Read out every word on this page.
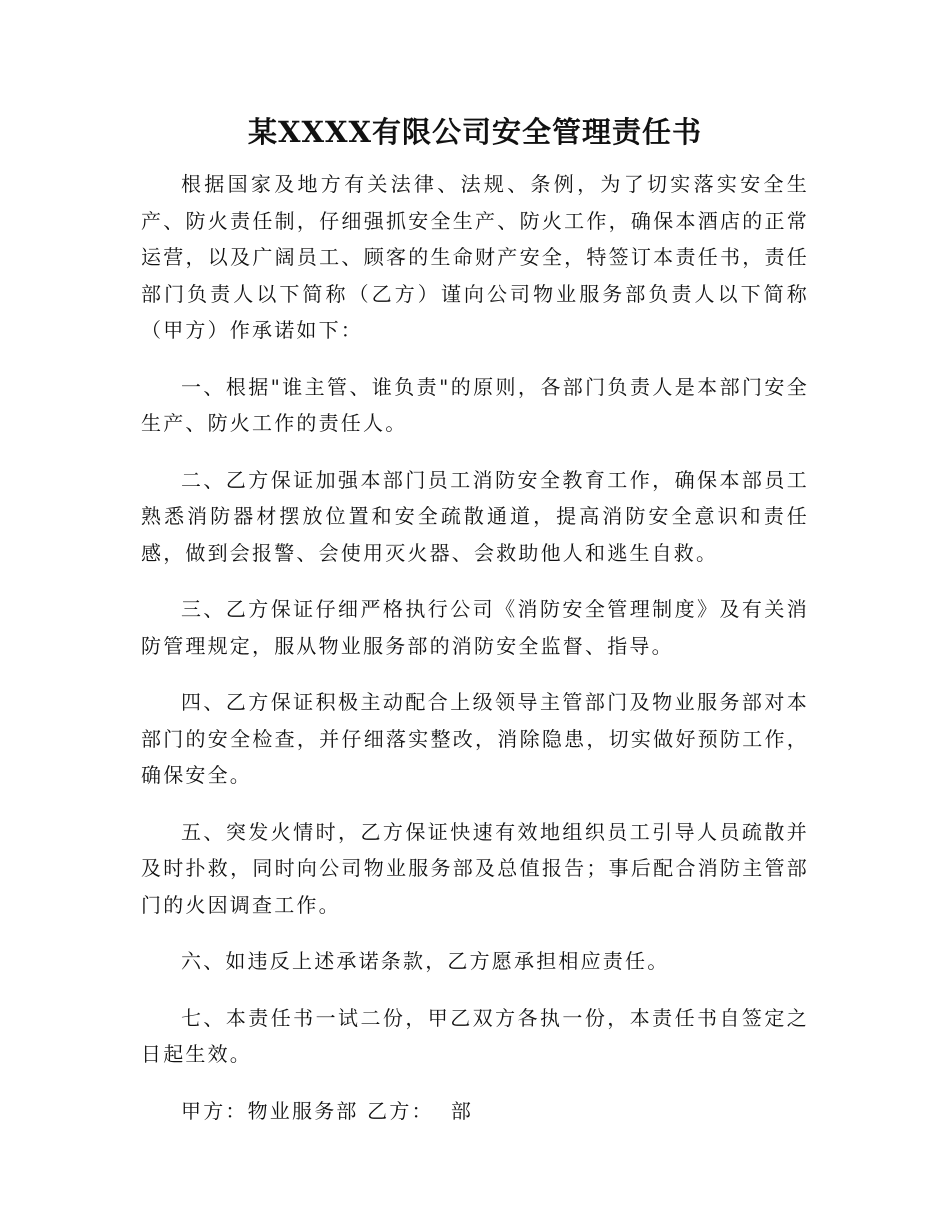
某XXXX有限公司安全管理责任书

根据国家及地方有关法律、法规、条例，为了切实落实安全生产、防火责任制，仔细强抓安全生产、防火工作，确保本酒店的正常运营，以及广阔员工、顾客的生命财产安全，特签订本责任书，责任部门负责人以下简称（乙方）谨向公司物业服务部负责人以下简称（甲方）作承诺如下：

一、根据"谁主管、谁负责"的原则，各部门负责人是本部门安全生产、防火工作的责任人。

二、乙方保证加强本部门员工消防安全教育工作，确保本部员工熟悉消防器材摆放位置和安全疏散通道，提高消防安全意识和责任感，做到会报警、会使用灭火器、会救助他人和逃生自救。

三、乙方保证仔细严格执行公司《消防安全管理制度》及有关消防管理规定，服从物业服务部的消防安全监督、指导。

四、乙方保证积极主动配合上级领导主管部门及物业服务部对本部门的安全检查，并仔细落实整改，消除隐患，切实做好预防工作，确保安全。

五、突发火情时，乙方保证快速有效地组织员工引导人员疏散并及时扑救，同时向公司物业服务部及总值报告；事后配合消防主管部门的火因调查工作。

六、如违反上述承诺条款，乙方愿承担相应责任。

七、本责任书一试二份，甲乙双方各执一份，本责任书自签定之日起生效。

甲方：物业服务部 乙方：  部
